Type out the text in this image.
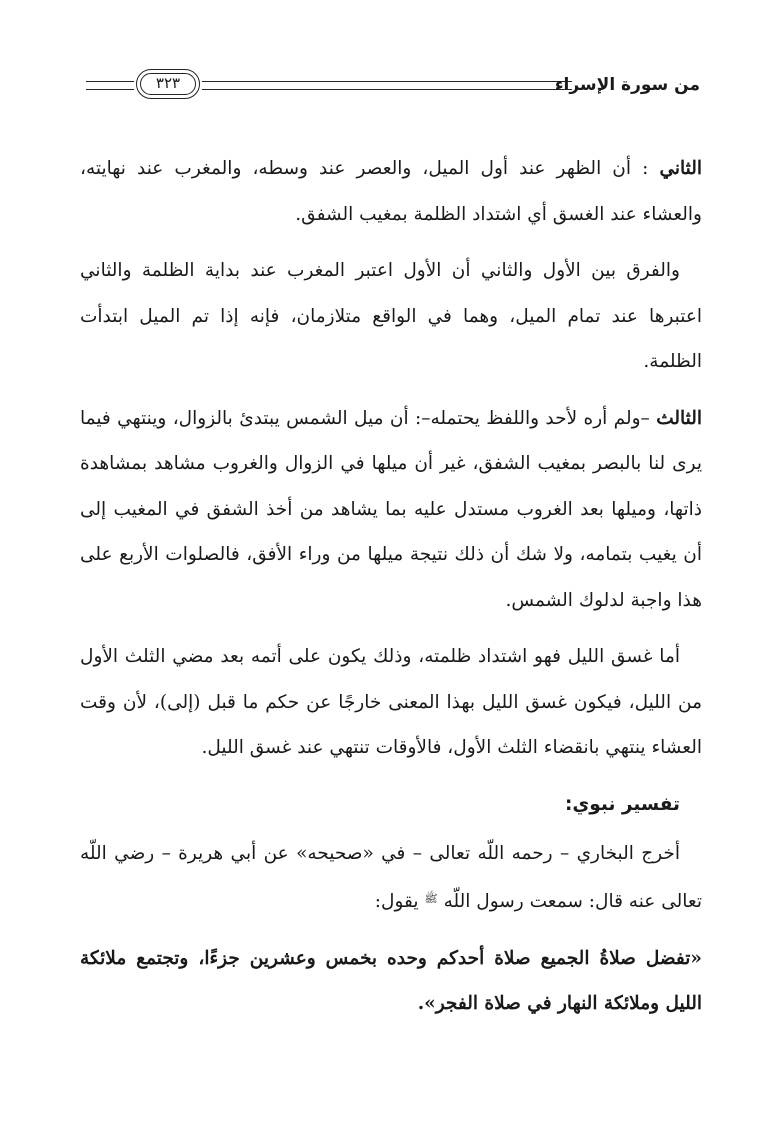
من سورة الإسراء
٣٢٣

الثاني : أن الظهر عند أول الميل، والعصر عند وسطه، والمغرب عند نهايته، والعشاء عند الغسق أي اشتداد الظلمة بمغيب الشفق.

والفرق بين الأول والثاني أن الأول اعتبر المغرب عند بداية الظلمة والثاني اعتبرها عند تمام الميل، وهما في الواقع متلازمان، فإنه إذا تم الميل ابتدأت الظلمة.

الثالث –ولم أره لأحد واللفظ يحتمله–: أن ميل الشمس يبتدئ بالزوال، وينتهي فيما يرى لنا بالبصر بمغيب الشفق، غير أن ميلها في الزوال والغروب مشاهد بمشاهدة ذاتها، وميلها بعد الغروب مستدل عليه بما يشاهد من أخذ الشفق في المغيب إلى أن يغيب بتمامه، ولا شك أن ذلك نتيجة ميلها من وراء الأفق، فالصلوات الأربع على هذا واجبة لدلوك الشمس.

أما غسق الليل فهو اشتداد ظلمته، وذلك يكون على أتمه بعد مضي الثلث الأول من الليل، فيكون غسق الليل بهذا المعنى خارجًا عن حكم ما قبل (إلى)، لأن وقت العشاء ينتهي بانقضاء الثلث الأول، فالأوقات تنتهي عند غسق الليل.

تفسير نبوي:

أخرج البخاري – رحمه اللّه تعالى – في «صحيحه» عن أبي هريرة – رضي اللّه تعالى عنه قال: سمعت رسول اللّه $^ﷺ$ يقول:

«تفضل صلاةُ الجميع صلاة أحدكم وحده بخمس وعشرين جزءًا، وتجتمع ملائكة الليل وملائكة النهار في صلاة الفجر».
